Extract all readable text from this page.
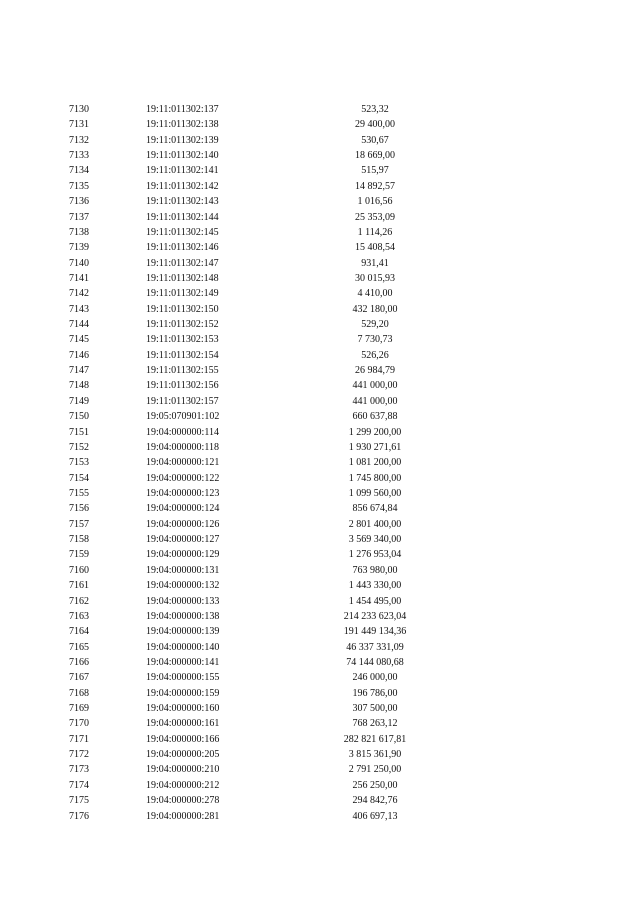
7130	19:11:011302:137	523,32
7131	19:11:011302:138	29 400,00
7132	19:11:011302:139	530,67
7133	19:11:011302:140	18 669,00
7134	19:11:011302:141	515,97
7135	19:11:011302:142	14 892,57
7136	19:11:011302:143	1 016,56
7137	19:11:011302:144	25 353,09
7138	19:11:011302:145	1 114,26
7139	19:11:011302:146	15 408,54
7140	19:11:011302:147	931,41
7141	19:11:011302:148	30 015,93
7142	19:11:011302:149	4 410,00
7143	19:11:011302:150	432 180,00
7144	19:11:011302:152	529,20
7145	19:11:011302:153	7 730,73
7146	19:11:011302:154	526,26
7147	19:11:011302:155	26 984,79
7148	19:11:011302:156	441 000,00
7149	19:11:011302:157	441 000,00
7150	19:05:070901:102	660 637,88
7151	19:04:000000:114	1 299 200,00
7152	19:04:000000:118	1 930 271,61
7153	19:04:000000:121	1 081 200,00
7154	19:04:000000:122	1 745 800,00
7155	19:04:000000:123	1 099 560,00
7156	19:04:000000:124	856 674,84
7157	19:04:000000:126	2 801 400,00
7158	19:04:000000:127	3 569 340,00
7159	19:04:000000:129	1 276 953,04
7160	19:04:000000:131	763 980,00
7161	19:04:000000:132	1 443 330,00
7162	19:04:000000:133	1 454 495,00
7163	19:04:000000:138	214 233 623,04
7164	19:04:000000:139	191 449 134,36
7165	19:04:000000:140	46 337 331,09
7166	19:04:000000:141	74 144 080,68
7167	19:04:000000:155	246 000,00
7168	19:04:000000:159	196 786,00
7169	19:04:000000:160	307 500,00
7170	19:04:000000:161	768 263,12
7171	19:04:000000:166	282 821 617,81
7172	19:04:000000:205	3 815 361,90
7173	19:04:000000:210	2 791 250,00
7174	19:04:000000:212	256 250,00
7175	19:04:000000:278	294 842,76
7176	19:04:000000:281	406 697,13
